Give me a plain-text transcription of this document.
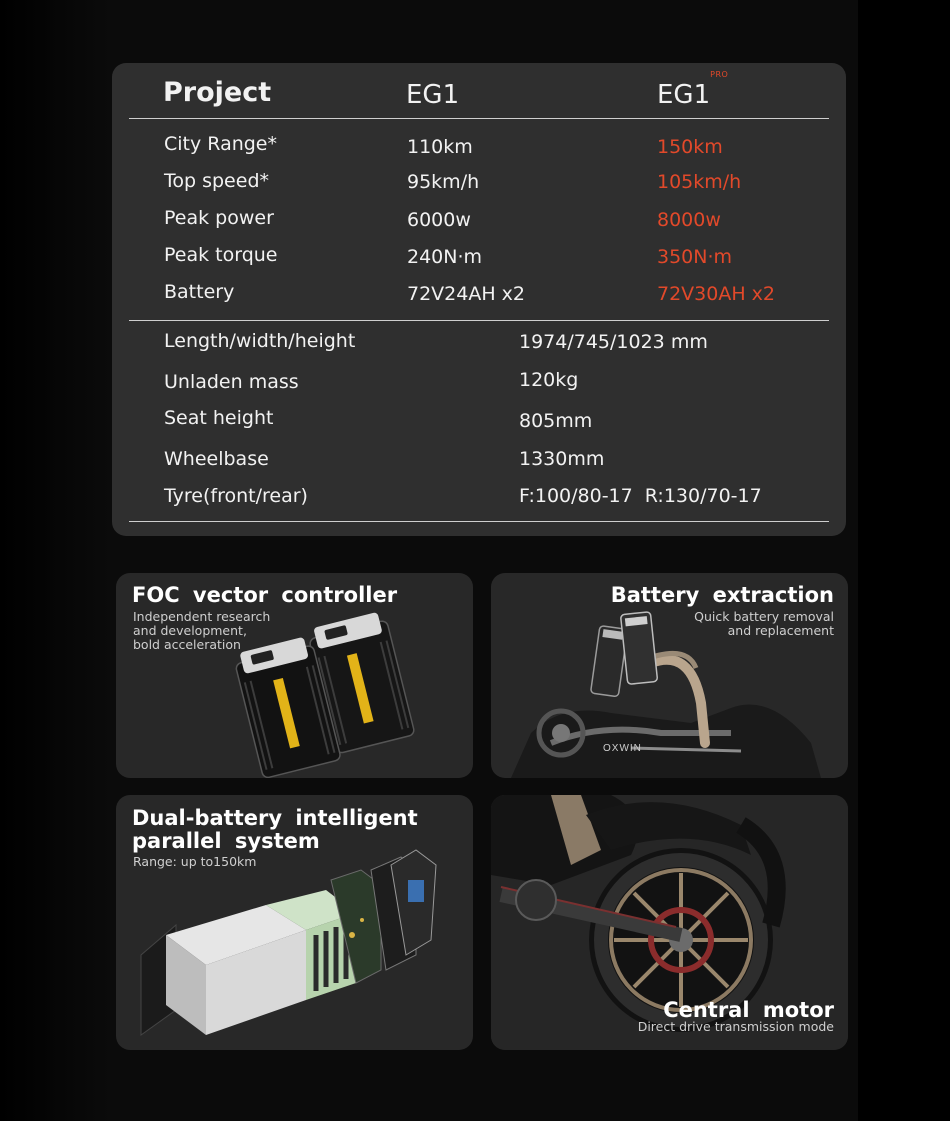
Project	EG1	$EG1^{PRO}$
City Range*	110km	150km
Top speed*	95km/h	105km/h
Peak power	6000w	8000w
Peak torque	240N·m	350N·m
Battery	72V24AH x2	72V30AH x2
Length/width/height	1974/745/1023 mm
Unladen mass	120kg
Seat height	805mm
Wheelbase	1330mm
Tyre(front/rear)	F:100/80-17  R:130/70-17
FOC vector controller
Independent research
and development,
bold acceleration
OXWIN
Battery extraction
Quick battery removal
and replacement
Dual-battery intelligent
parallel system
Range: up to150km
Central motor
Direct drive transmission mode
